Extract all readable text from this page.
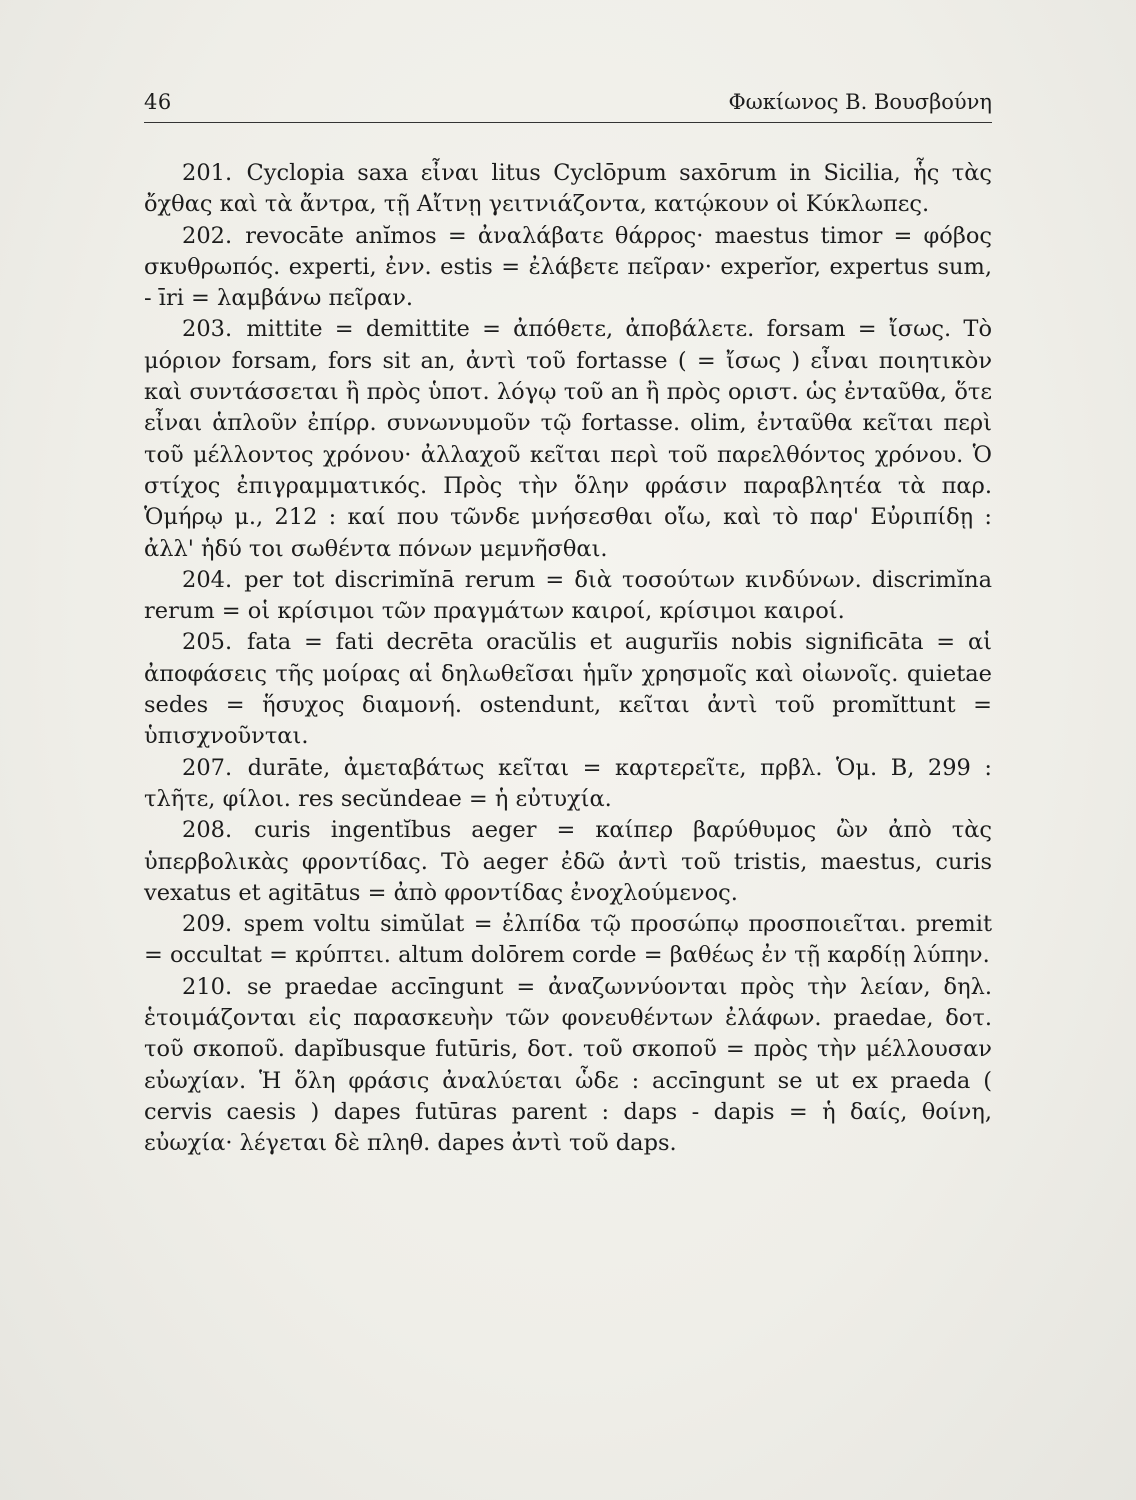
46	Φωκίωνος Β. Βουσβούνη

201. Cyclopia saxa εἶναι litus Cyclōpum saxōrum in Sicilia, ἧς τὰς ὄχθας καὶ τὰ ἄντρα, τῇ Αἴτνῃ γειτνιάζοντα, κατῴκουν οἱ Κύκλωπες.

202. revocāte anĭmos = ἀναλάβατε θάρρος· maestus timor = φόβος σκυθρωπός. experti, ἐνν. estis = ἐλάβετε πεῖραν· experĭor, expertus sum, - īri = λαμβάνω πεῖραν.

203. mittite = demittite = ἀπόθετε, ἀποβάλετε. forsam = ἴσως. Τὸ μόριον forsam, fors sit an, ἀντὶ τοῦ fortasse ( = ἴσως ) εἶναι ποιητικὸν καὶ συντάσσεται ἢ πρὸς ὑποτ. λόγῳ τοῦ an ἢ πρὸς οριστ. ὡς ἐνταῦθα, ὅτε εἶναι ἁπλοῦν ἐπίρρ. συνωνυμοῦν τῷ fortasse. olim, ἐνταῦθα κεῖται περὶ τοῦ μέλλοντος χρόνου· ἀλλαχοῦ κεῖται περὶ τοῦ παρελθόντος χρόνου. Ὁ στίχος ἐπιγραμματικός. Πρὸς τὴν ὅλην φράσιν παραβλητέα τὰ παρ. Ὁμήρῳ μ., 212 : καί που τῶνδε μνήσεσθαι οἴω, καὶ τὸ παρ' Εὐριπίδῃ : ἀλλ' ἡδύ τοι σωθέντα πόνων μεμνῆσθαι.

204. per tot discrimĭnā rerum = διὰ τοσούτων κινδύνων. discrimĭna rerum = οἱ κρίσιμοι τῶν πραγμάτων καιροί, κρίσιμοι καιροί.

205. fata = fati decrēta oracŭlis et augurĭis nobis significāta = αἱ ἀποφάσεις τῆς μοίρας αἱ δηλωθεῖσαι ἡμῖν χρησμοῖς καὶ οἰωνοῖς. quietae sedes = ἥσυχος διαμονή. ostendunt, κεῖται ἀντὶ τοῦ promĭttunt = ὑπισχνοῦνται.

207. durāte, ἀμεταβάτως κεῖται = καρτερεῖτε, πρβλ. Ὁμ. Β, 299 : τλῆτε, φίλοι. res secŭndeae = ἡ εὐτυχία.

208. curis ingentĭbus aeger = καίπερ βαρύθυμος ὢν ἀπὸ τὰς ὑπερβολικὰς φροντίδας. Τὸ aeger ἐδῶ ἀντὶ τοῦ tristis, maestus, curis vexatus et agitātus = ἀπὸ φροντίδας ἐνοχλούμενος.

209. spem voltu simŭlat = ἐλπίδα τῷ προσώπῳ προσποιεῖται. premit = occultat = κρύπτει. altum dolōrem corde = βαθέως ἐν τῇ καρδίῃ λύπην.

210. se praedae accīngunt = ἀναζωννύονται πρὸς τὴν λείαν, δηλ. ἑτοιμάζονται εἰς παρασκευὴν τῶν φονευθέντων ἐλάφων. praedae, δοτ. τοῦ σκοποῦ. dapĭbusque futūris, δοτ. τοῦ σκοποῦ = πρὸς τὴν μέλλουσαν εὐωχίαν. Ἡ ὅλη φράσις ἀναλύεται ὧδε : accīngunt se ut ex praeda ( cervis caesis ) dapes futūras parent : daps - dapis = ἡ δαίς, θοίνη, εὐωχία· λέγεται δὲ πληθ. dapes ἀντὶ τοῦ daps.
